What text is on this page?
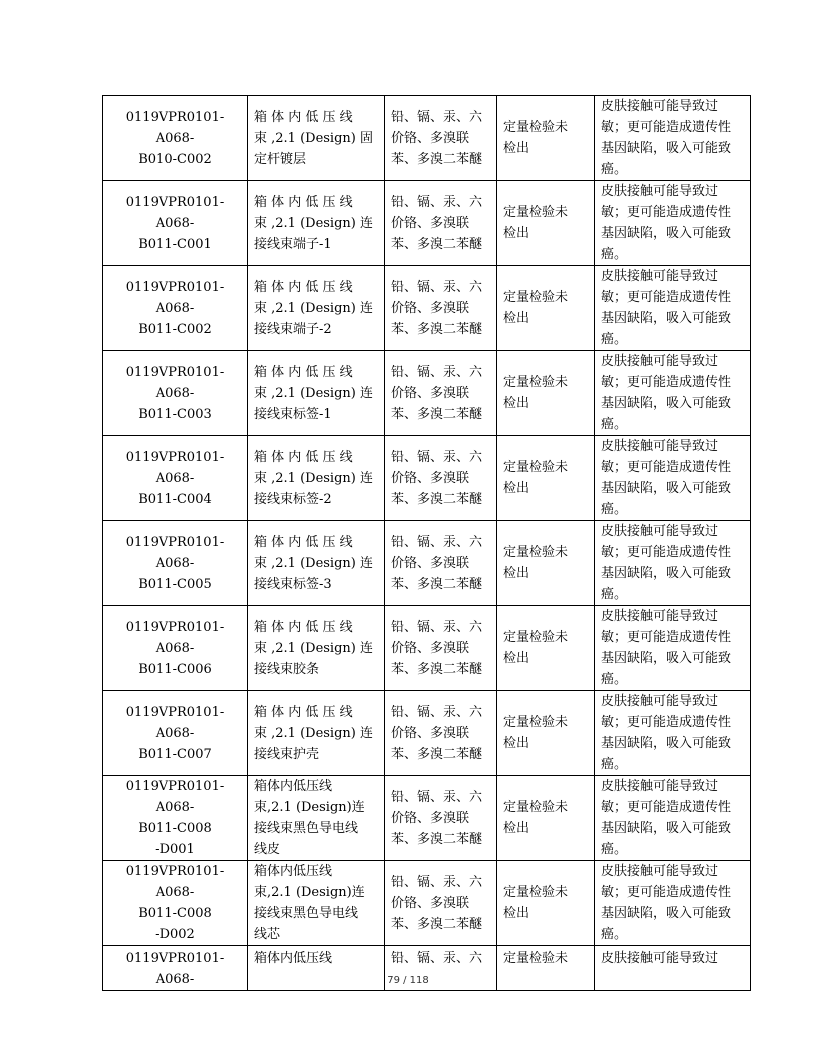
0119VPR0101-A068-
B010-C002	箱 体 内 低 压 线
束 ,2.1 (Design) 固
定杆镀层	铅、镉、汞、六
价铬、多溴联
苯、多溴二苯醚	定量检验未
检出	皮肤接触可能导致过
敏；更可能造成遗传性
基因缺陷，吸入可能致
癌。
0119VPR0101-A068-
B011-C001	箱 体 内 低 压 线
束 ,2.1 (Design) 连
接线束端子-1	铅、镉、汞、六
价铬、多溴联
苯、多溴二苯醚	定量检验未
检出	皮肤接触可能导致过
敏；更可能造成遗传性
基因缺陷，吸入可能致
癌。
0119VPR0101-A068-
B011-C002	箱 体 内 低 压 线
束 ,2.1 (Design) 连
接线束端子-2	铅、镉、汞、六
价铬、多溴联
苯、多溴二苯醚	定量检验未
检出	皮肤接触可能导致过
敏；更可能造成遗传性
基因缺陷，吸入可能致
癌。
0119VPR0101-A068-
B011-C003	箱 体 内 低 压 线
束 ,2.1 (Design) 连
接线束标签-1	铅、镉、汞、六
价铬、多溴联
苯、多溴二苯醚	定量检验未
检出	皮肤接触可能导致过
敏；更可能造成遗传性
基因缺陷，吸入可能致
癌。
0119VPR0101-A068-
B011-C004	箱 体 内 低 压 线
束 ,2.1 (Design) 连
接线束标签-2	铅、镉、汞、六
价铬、多溴联
苯、多溴二苯醚	定量检验未
检出	皮肤接触可能导致过
敏；更可能造成遗传性
基因缺陷，吸入可能致
癌。
0119VPR0101-A068-
B011-C005	箱 体 内 低 压 线
束 ,2.1 (Design) 连
接线束标签-3	铅、镉、汞、六
价铬、多溴联
苯、多溴二苯醚	定量检验未
检出	皮肤接触可能导致过
敏；更可能造成遗传性
基因缺陷，吸入可能致
癌。
0119VPR0101-A068-
B011-C006	箱 体 内 低 压 线
束 ,2.1 (Design) 连
接线束胶条	铅、镉、汞、六
价铬、多溴联
苯、多溴二苯醚	定量检验未
检出	皮肤接触可能导致过
敏；更可能造成遗传性
基因缺陷，吸入可能致
癌。
0119VPR0101-A068-
B011-C007	箱 体 内 低 压 线
束 ,2.1 (Design) 连
接线束护壳	铅、镉、汞、六
价铬、多溴联
苯、多溴二苯醚	定量检验未
检出	皮肤接触可能导致过
敏；更可能造成遗传性
基因缺陷，吸入可能致
癌。
0119VPR0101-A068-
B011-C008
-D001	箱体内低压线
束,2.1 (Design)连
接线束黑色导电线
线皮	铅、镉、汞、六
价铬、多溴联
苯、多溴二苯醚	定量检验未
检出	皮肤接触可能导致过
敏；更可能造成遗传性
基因缺陷，吸入可能致
癌。
0119VPR0101-A068-
B011-C008
-D002	箱体内低压线
束,2.1 (Design)连
接线束黑色导电线
线芯	铅、镉、汞、六
价铬、多溴联
苯、多溴二苯醚	定量检验未
检出	皮肤接触可能导致过
敏；更可能造成遗传性
基因缺陷，吸入可能致
癌。
0119VPR0101-A068-	箱体内低压线	铅、镉、汞、六	定量检验未	皮肤接触可能导致过
79 / 118
